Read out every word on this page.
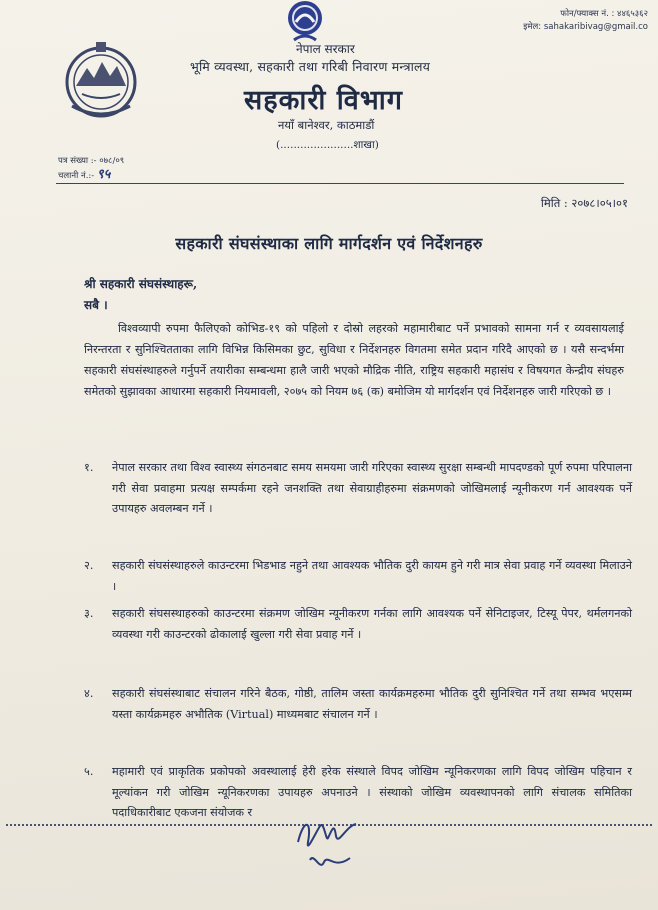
फोन/फ्याक्स नं. : ४४६५३६२
इमेल: sahakaribivag@gmail.co
नेपाल सरकार
भूमि व्यवस्था, सहकारी तथा गरिबी निवारण मन्त्रालय
सहकारी विभाग
नयाँ बानेश्वर, काठमाडौं
(......................शाखा)
पत्र संख्या :- ०७८/०९
चलानी नं.:- ९५
मिति : २०७८।०५।०१
सहकारी संघसंस्थाका लागि मार्गदर्शन एवं निर्देशनहरु
श्री सहकारी संघसंस्थाहरू,
सबै ।
विश्वव्यापी रुपमा फैलिएको कोभिड-१९ को पहिलो र दोस्रो लहरको महामारीबाट पर्ने प्रभावको सामना गर्न र व्यवसायलाई निरन्तरता र सुनिश्चितताका लागि विभिन्न किसिमका छुट, सुविधा र निर्देशनहरु विगतमा समेत प्रदान गरिदै आएको छ । यसै सन्दर्भमा सहकारी संघसंस्थाहरुले गर्नुपर्ने तयारीका सम्बन्धमा हालै जारी भएको मौद्रिक नीति, राष्ट्रिय सहकारी महासंघ र विषयगत केन्द्रीय संघहरु समेतको सुझावका आधारमा सहकारी नियमावली, २०७५ को नियम ७६ (क) बमोजिम यो मार्गदर्शन एवं निर्देशनहरु जारी गरिएको छ ।
१.	नेपाल सरकार तथा विश्व स्वास्थ्य संगठनबाट समय समयमा जारी गरिएका स्वास्थ्य सुरक्षा सम्बन्धी मापदण्डको पूर्ण रुपमा परिपालना गरी सेवा प्रवाहमा प्रत्यक्ष सम्पर्कमा रहने जनशक्ति तथा सेवाग्राहीहरुमा संक्रमणको जोखिमलाई न्यूनीकरण गर्न आवश्यक पर्ने उपायहरु अवलम्बन गर्ने ।
२.	सहकारी संघसंस्थाहरुले काउन्टरमा भिडभाड नहुने तथा आवश्यक भौतिक दुरी कायम हुने गरी मात्र सेवा प्रवाह गर्ने व्यवस्था मिलाउने ।
३.	सहकारी संघसस्थाहरुको काउन्टरमा संक्रमण जोखिम न्यूनीकरण गर्नका लागि आवश्यक पर्ने सेनिटाइजर, टिस्यू पेपर, थर्मलगनको व्यवस्था गरी काउन्टरको ढोकालाई खुल्ला गरी सेवा प्रवाह गर्ने ।
४.	सहकारी संघसंस्थाबाट संचालन गरिने बैठक, गोष्ठी, तालिम जस्ता कार्यक्रमहरुमा भौतिक दुरी सुनिश्चित गर्ने तथा सम्भव भएसम्म यस्ता कार्यक्रमहरु अभौतिक (Virtual) माध्यमबाट संचालन गर्ने ।
५.	महामारी एवं प्राकृतिक प्रकोपको अवस्थालाई हेरी हरेक संस्थाले विपद जोखिम न्यूनिकरणका लागि विपद जोखिम पहिचान र मूल्यांकन गरी जोखिम न्यूनिकरणका उपायहरु अपनाउने । संस्थाको जोखिम व्यवस्थापनको लागि संचालक समितिका पदाधिकारीबाट एकजना संयोजक र
